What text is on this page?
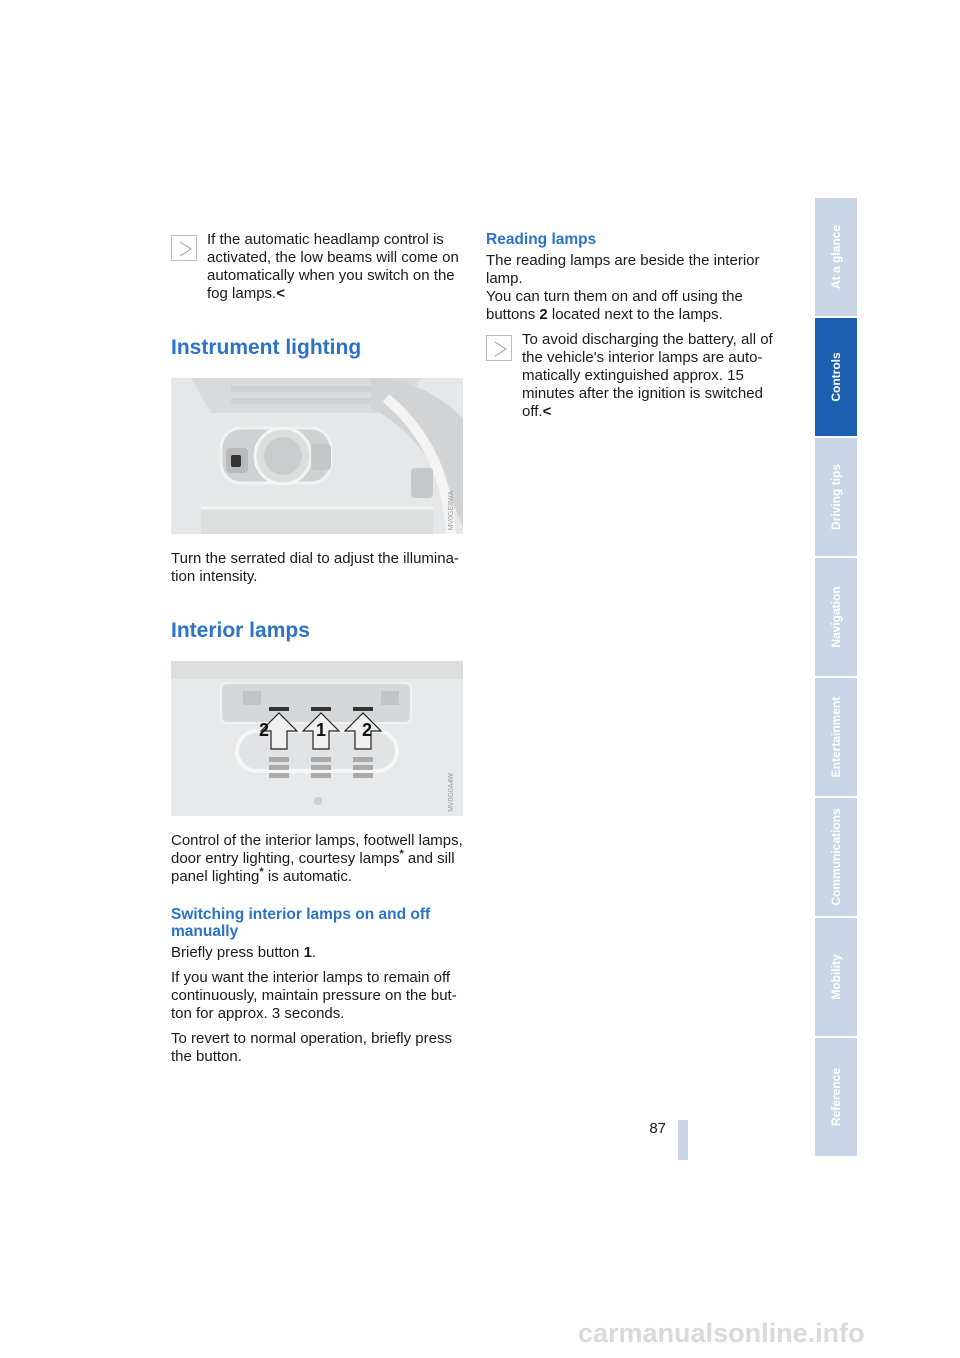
If the automatic headlamp control is activated, the low beams will come on automatically when you switch on the fog lamps.<

Instrument lighting
MV0GE8WA

Turn the serrated dial to adjust the illumina-tion intensity.

Interior lamps
2	1 2
MV0G0A4W

Control of the interior lamps, footwell lamps, door entry lighting, courtesy lamps* and sill panel lighting* is automatic.

Switching interior lamps on and off manually

Briefly press button 1.

If you want the interior lamps to remain off continuously, maintain pressure on the but-ton for approx. 3 seconds.

To revert to normal operation, briefly press the button.

Reading lamps

The reading lamps are beside the interior lamp.

You can turn them on and off using the buttons 2 located next to the lamps.

To avoid discharging the battery, all of the vehicle's interior lamps are auto-matically extinguished approx. 15 minutes after the ignition is switched off.<

At a glance
Controls
Driving tips
Navigation
Entertainment
Communications
Mobility
Reference
87
carmanualsonline.info
